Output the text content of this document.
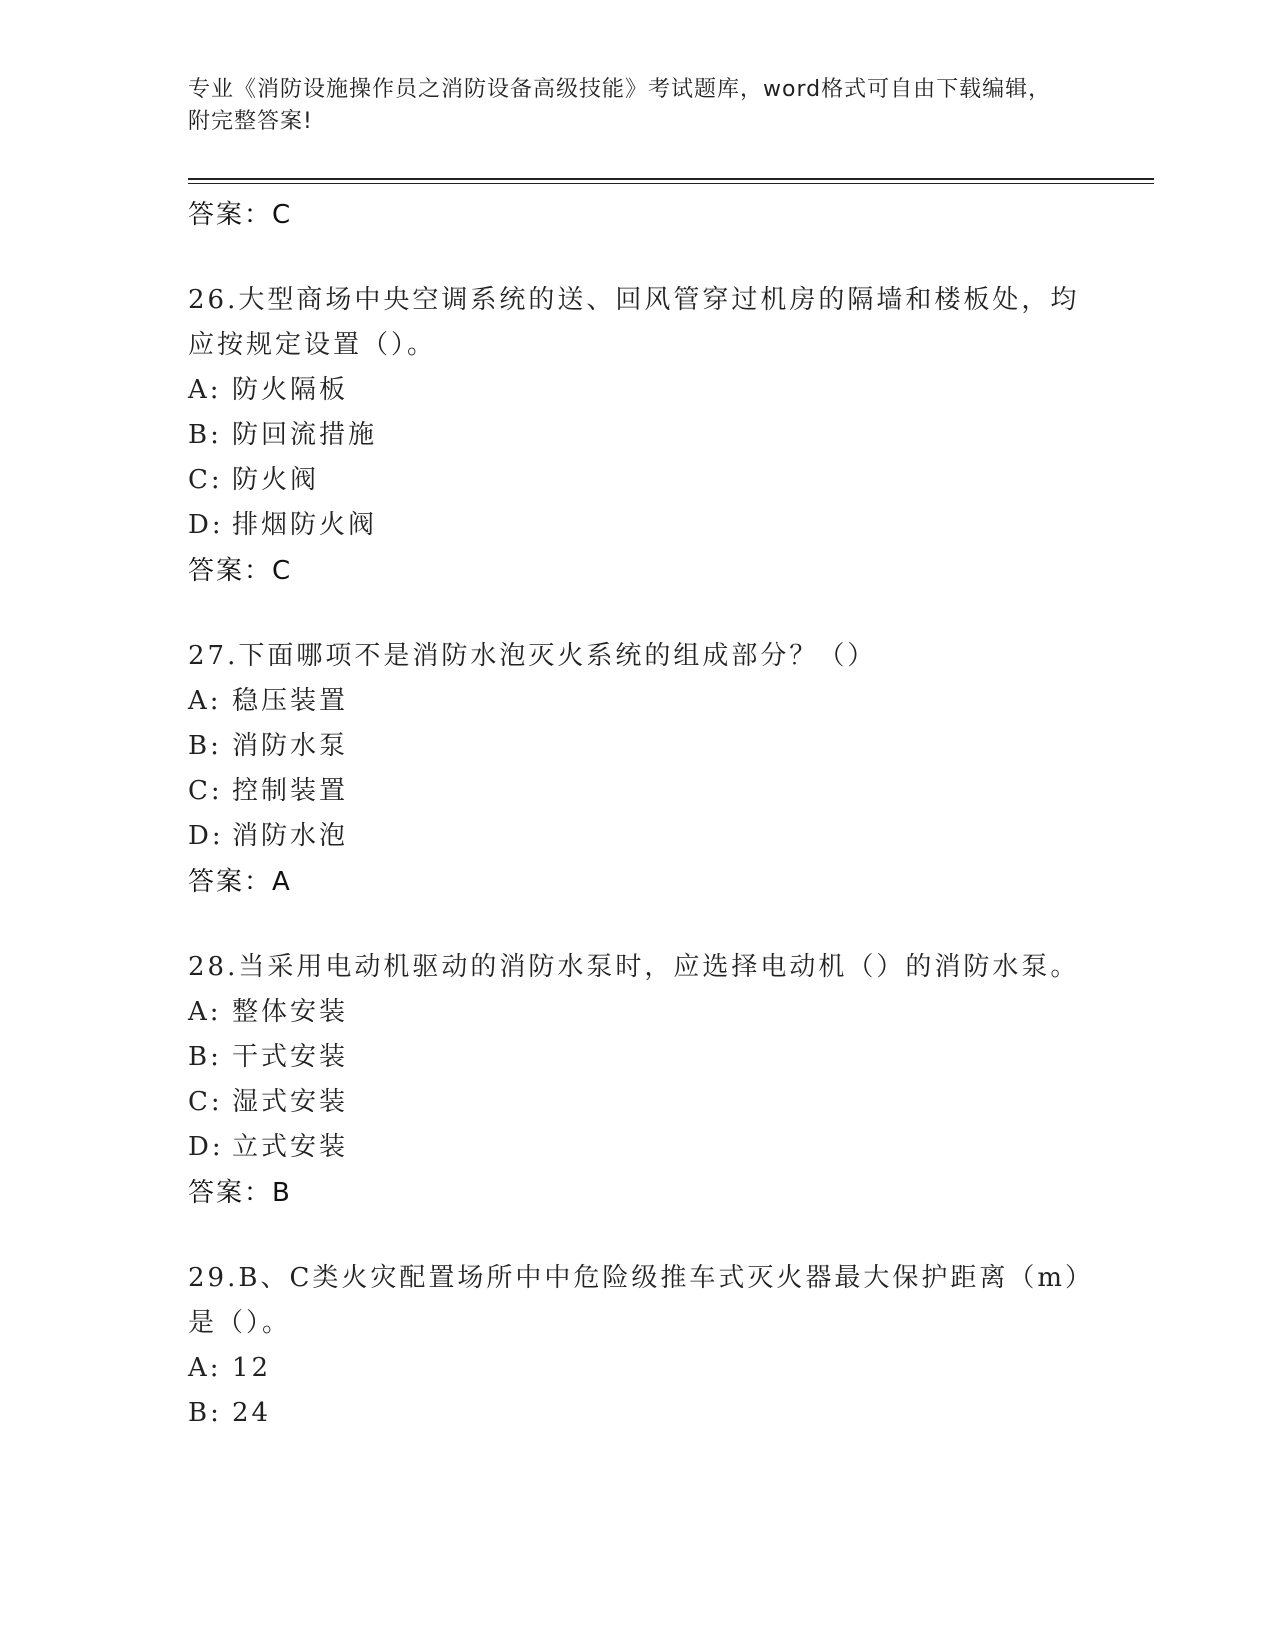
专业《消防设施操作员之消防设备高级技能》考试题库，word格式可自由下载编辑，附完整答案!
答案：C
26.大型商场中央空调系统的送、回风管穿过机房的隔墙和楼板处，均应按规定设置（）。
A: 防火隔板
B: 防回流措施
C: 防火阀
D: 排烟防火阀
答案：C
27.下面哪项不是消防水泡灭火系统的组成部分？（）
A: 稳压装置
B: 消防水泵
C: 控制装置
D: 消防水泡
答案：A
28.当采用电动机驱动的消防水泵时，应选择电动机（）的消防水泵。
A: 整体安装
B: 干式安装
C: 湿式安装
D: 立式安装
答案：B
29.B、C类火灾配置场所中中危险级推车式灭火器最大保护距离（m）是（）。
A: 12
B: 24
